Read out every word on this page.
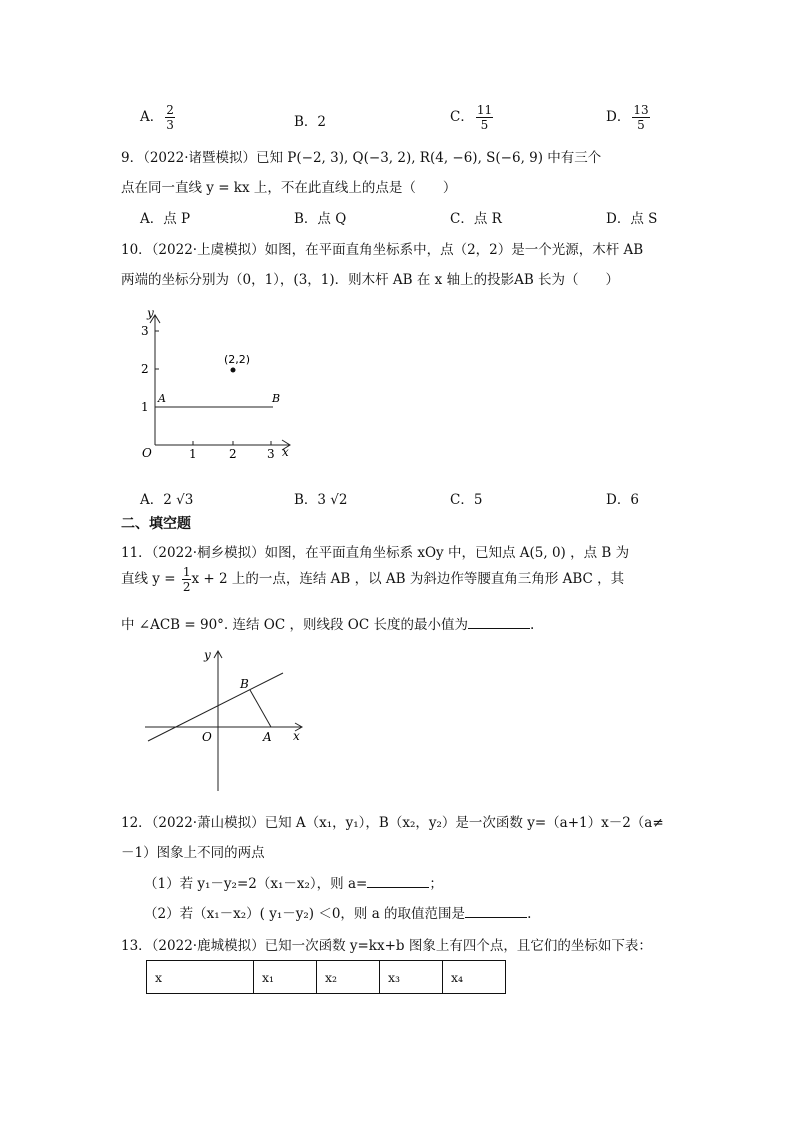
A． $\frac{2}{3}$	B．2	C． $\frac{11}{5}$	D． $\frac{13}{5}$
9．（2022·诸暨模拟）已知 P(−2, 3), Q(−3, 2), R(4, −6), S(−6, 9) 中有三个
点在同一直线 y = kx 上，不在此直线上的点是（　　）
A．点 P	B．点 Q	C．点 R	D．点 S
10．（2022·上虞模拟）如图，在平面直角坐标系中，点（2，2）是一个光源，木杆 AB
两端的坐标分别为（0，1），(3，1)．则木杆 AB 在 x 轴上的投影AB 长为（　　）
y
x
O	1	2	3
1
2
3
(2,2)
A	B
A．2 √3	B．3 √2	C．5	D．6
二、填空题
11．（2022·桐乡模拟）如图，在平面直角坐标系 xOy 中，已知点 A(5, 0) ，点 B 为
直线 $y = \frac{1}{2}$ x + 2 上的一点，连结 AB ，以 AB 为斜边作等腰直角三角形 ABC ，其
中 ∠ACB = 90°. 连结 OC ，则线段 OC 长度的最小值为	.
y
x
O	A
B
12．（2022·萧山模拟）已知 A（x₁，y₁），B（x₂，y₂）是一次函数 y=（a+1）x－2（a≠
－1）图象上不同的两点
（1）若 y₁－y₂=2（x₁－x₂），则 a=	；
（2）若（x₁－x₂）( y₁－y₂) ＜0，则 a 的取值范围是	.
13．（2022·鹿城模拟）已知一次函数 y=kx+b 图象上有四个点，且它们的坐标如下表：
x	x₁	x₂	x₃	x₄
